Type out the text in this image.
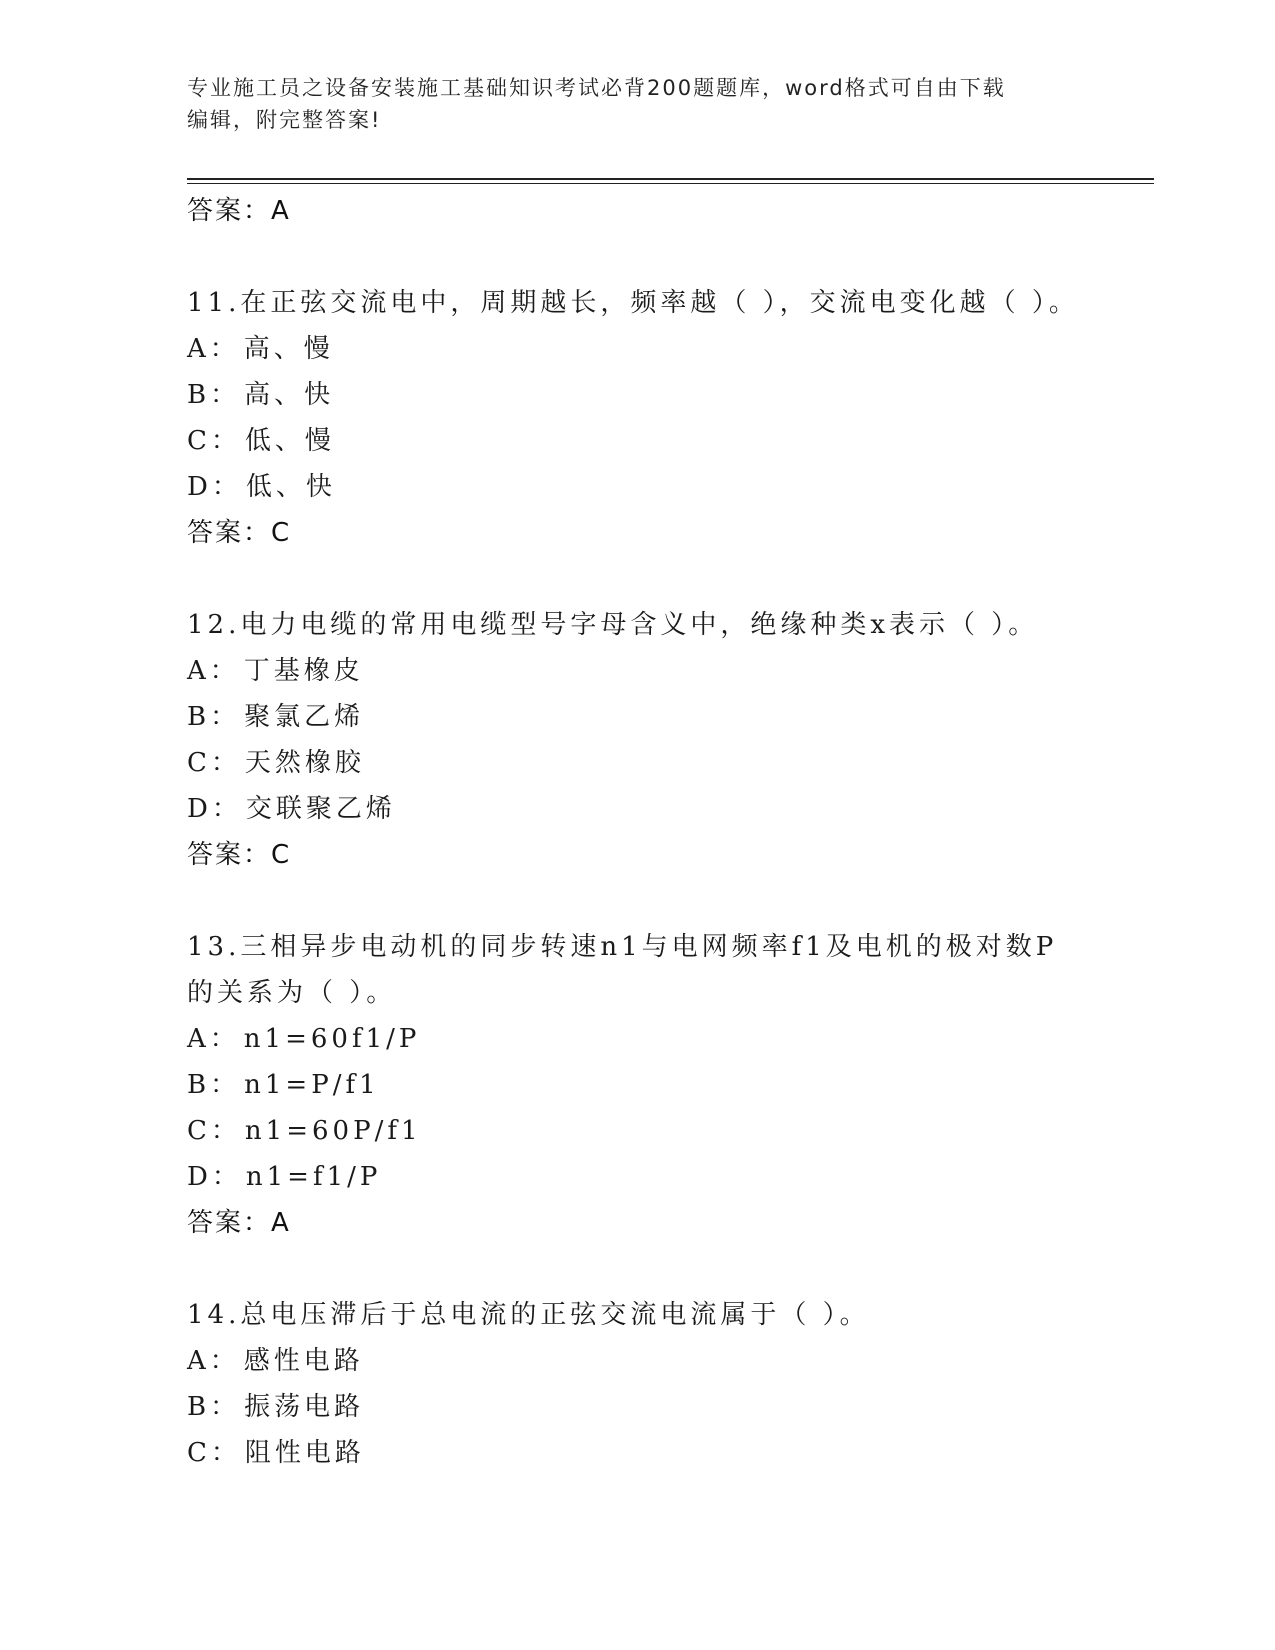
专业施工员之设备安装施工基础知识考试必背200题题库，word格式可自由下载
编辑，附完整答案!
答案：A
11.在正弦交流电中，周期越长，频率越（ ），交流电变化越（ ）。
A： 高、慢
B： 高、快
C： 低、慢
D： 低、快
答案：C
12.电力电缆的常用电缆型号字母含义中，绝缘种类x表示（ ）。
A： 丁基橡皮
B： 聚氯乙烯
C： 天然橡胶
D： 交联聚乙烯
答案：C
13.三相异步电动机的同步转速n1与电网频率f1及电机的极对数P的关系为（ ）。
A： n1=60f1/P
B： n1=P/f1
C： n1=60P/f1
D： n1=f1/P
答案：A
14.总电压滞后于总电流的正弦交流电流属于（ ）。
A： 感性电路
B： 振荡电路
C： 阻性电路
